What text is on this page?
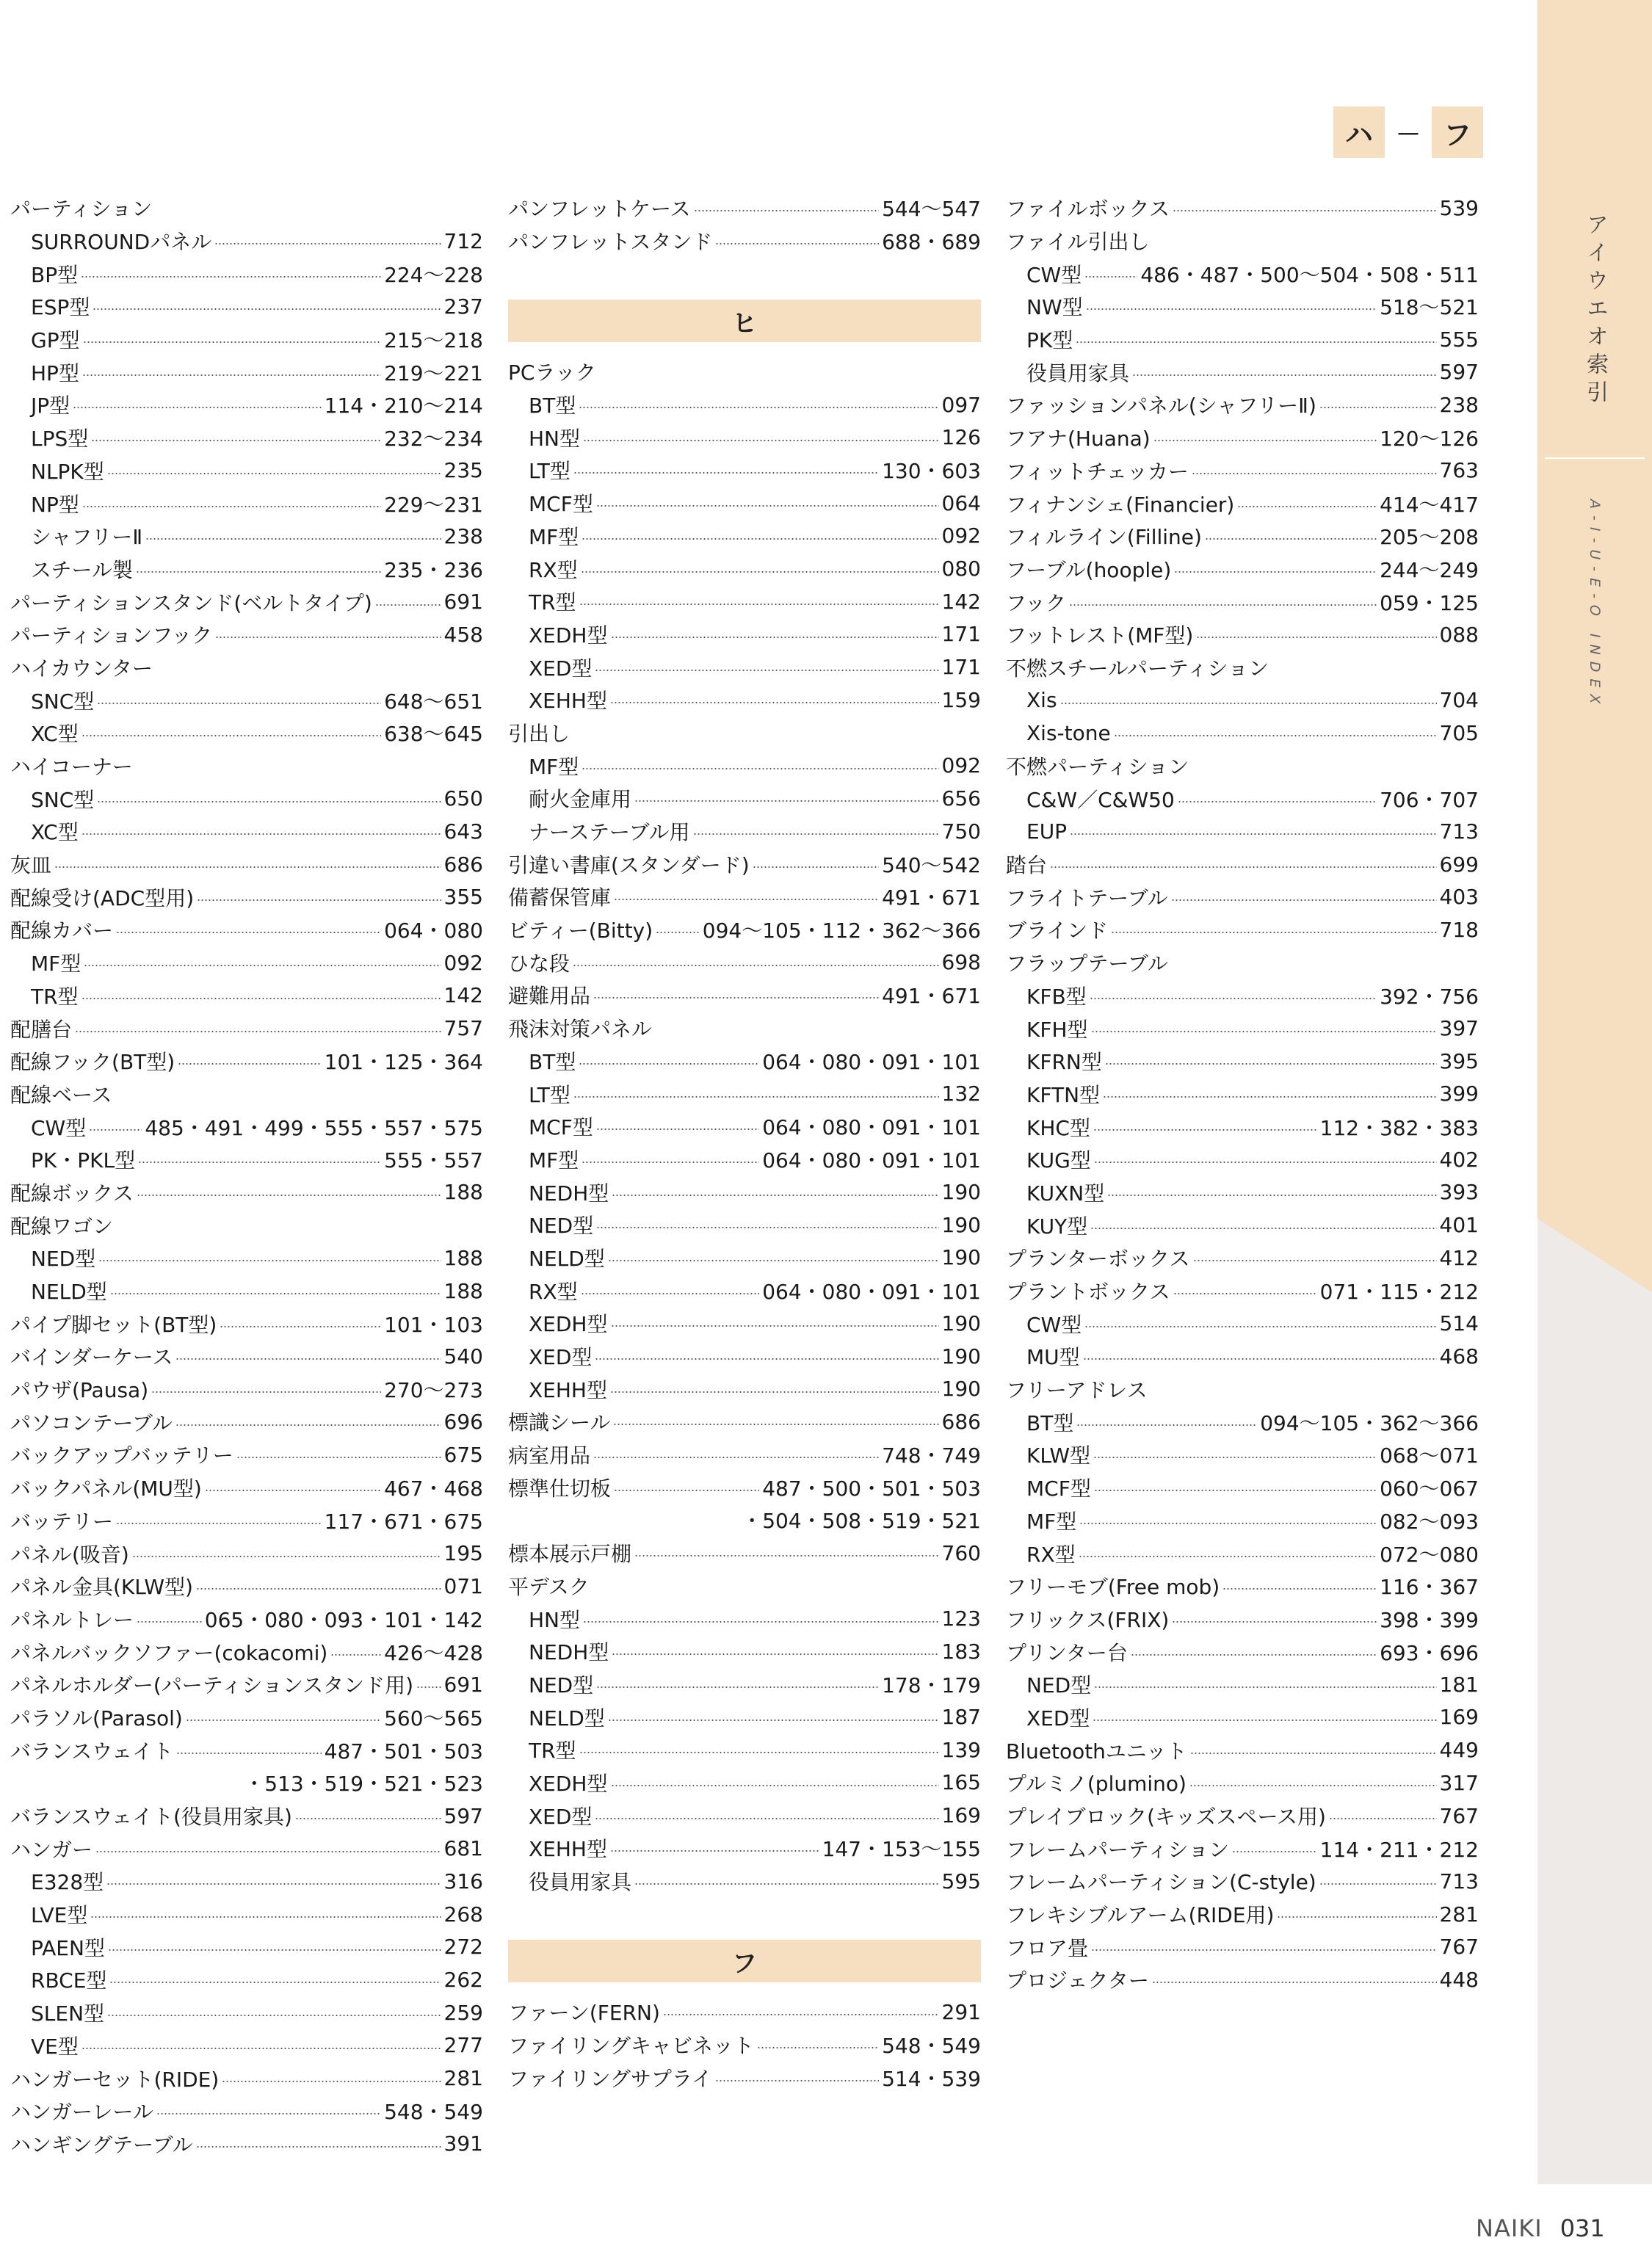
アイウエオ索引
A-I-U-E-O INDEX
ハ － フ
パーティション
SURROUNDパネル	712
BP型	224～228
ESP型	237
GP型	215～218
HP型	219～221
JP型	114・210～214
LPS型	232～234
NLPK型	235
NP型	229～231
シャフリーⅡ	238
スチール製	235・236
パーティションスタンド(ベルトタイプ)	691
パーティションフック	458
ハイカウンター
SNC型	648～651
XC型	638～645
ハイコーナー
SNC型	650
XC型	643
灰皿	686
配線受け(ADC型用)	355
配線カバー	064・080
MF型	092
TR型	142
配膳台	757
配線フック(BT型)	101・125・364
配線ベース
CW型	485・491・499・555・557・575
PK・PKL型	555・557
配線ボックス	188
配線ワゴン
NED型	188
NELD型	188
パイプ脚セット(BT型)	101・103
バインダーケース	540
パウザ(Pausa)	270～273
パソコンテーブル	696
バックアップバッテリー	675
バックパネル(MU型)	467・468
バッテリー	117・671・675
パネル(吸音)	195
パネル金具(KLW型)	071
パネルトレー	065・080・093・101・142
パネルバックソファー(cokacomi)	426～428
パネルホルダー(パーティションスタンド用) 691
パラソル(Parasol)	560～565
バランスウェイト	487・501・503
・513・519・521・523
バランスウェイト(役員用家具)	597
ハンガー	681
E328型	316
LVE型	268
PAEN型	272
RBCE型	262
SLEN型	259
VE型	277
ハンガーセット(RIDE)	281
ハンガーレール	548・549
ハンギングテーブル	391
パンフレットケース	544～547
パンフレットスタンド	688・689
ヒ
PCラック
BT型	097
HN型	126
LT型	130・603
MCF型	064
MF型	092
RX型	080
TR型	142
XEDH型	171
XED型	171
XEHH型	159
引出し
MF型	092
耐火金庫用	656
ナーステーブル用	750
引違い書庫(スタンダード)	540～542
備蓄保管庫	491・671
ビティー(Bitty) 094～105・112・362～366
ひな段	698
避難用品	491・671
飛沫対策パネル
BT型	064・080・091・101
LT型	132
MCF型	064・080・091・101
MF型	064・080・091・101
NEDH型	190
NED型	190
NELD型	190
RX型	064・080・091・101
XEDH型	190
XED型	190
XEHH型	190
標識シール	686
病室用品	748・749
標準仕切板	487・500・501・503
・504・508・519・521
標本展示戸棚	760
平デスク
HN型	123
NEDH型	183
NED型	178・179
NELD型	187
TR型	139
XEDH型	165
XED型	169
XEHH型	147・153～155
役員用家具	595
フ
ファーン(FERN)	291
ファイリングキャビネット	548・549
ファイリングサプライ	514・539
ファイルボックス	539
ファイル引出し
CW型	486・487・500～504・508・511
NW型	518～521
PK型	555
役員用家具	597
ファッションパネル(シャフリーⅡ)	238
フアナ(Huana)	120～126
フィットチェッカー	763
フィナンシェ(Financier)	414～417
フィルライン(Filline)	205～208
フーブル(hoople)	244～249
フック	059・125
フットレスト(MF型)	088
不燃スチールパーティション
Xis	704
Xis-tone	705
不燃パーティション
C&W／C&W50	706・707
EUP	713
踏台	699
フライトテーブル	403
ブラインド	718
フラップテーブル
KFB型	392・756
KFH型	397
KFRN型	395
KFTN型	399
KHC型	112・382・383
KUG型	402
KUXN型	393
KUY型	401
プランターボックス	412
プラントボックス	071・115・212
CW型	514
MU型	468
フリーアドレス
BT型	094～105・362～366
KLW型	068～071
MCF型	060～067
MF型	082～093
RX型	072～080
フリーモブ(Free mob)	116・367
フリックス(FRIX)	398・399
プリンター台	693・696
NED型	181
XED型	169
Bluetoothユニット	449
プルミノ(plumino)	317
プレイブロック(キッズスペース用)	767
フレームパーティション	114・211・212
フレームパーティション(C-style)	713
フレキシブルアーム(RIDE用)	281
フロア畳	767
プロジェクター	448
NAIKI 031
